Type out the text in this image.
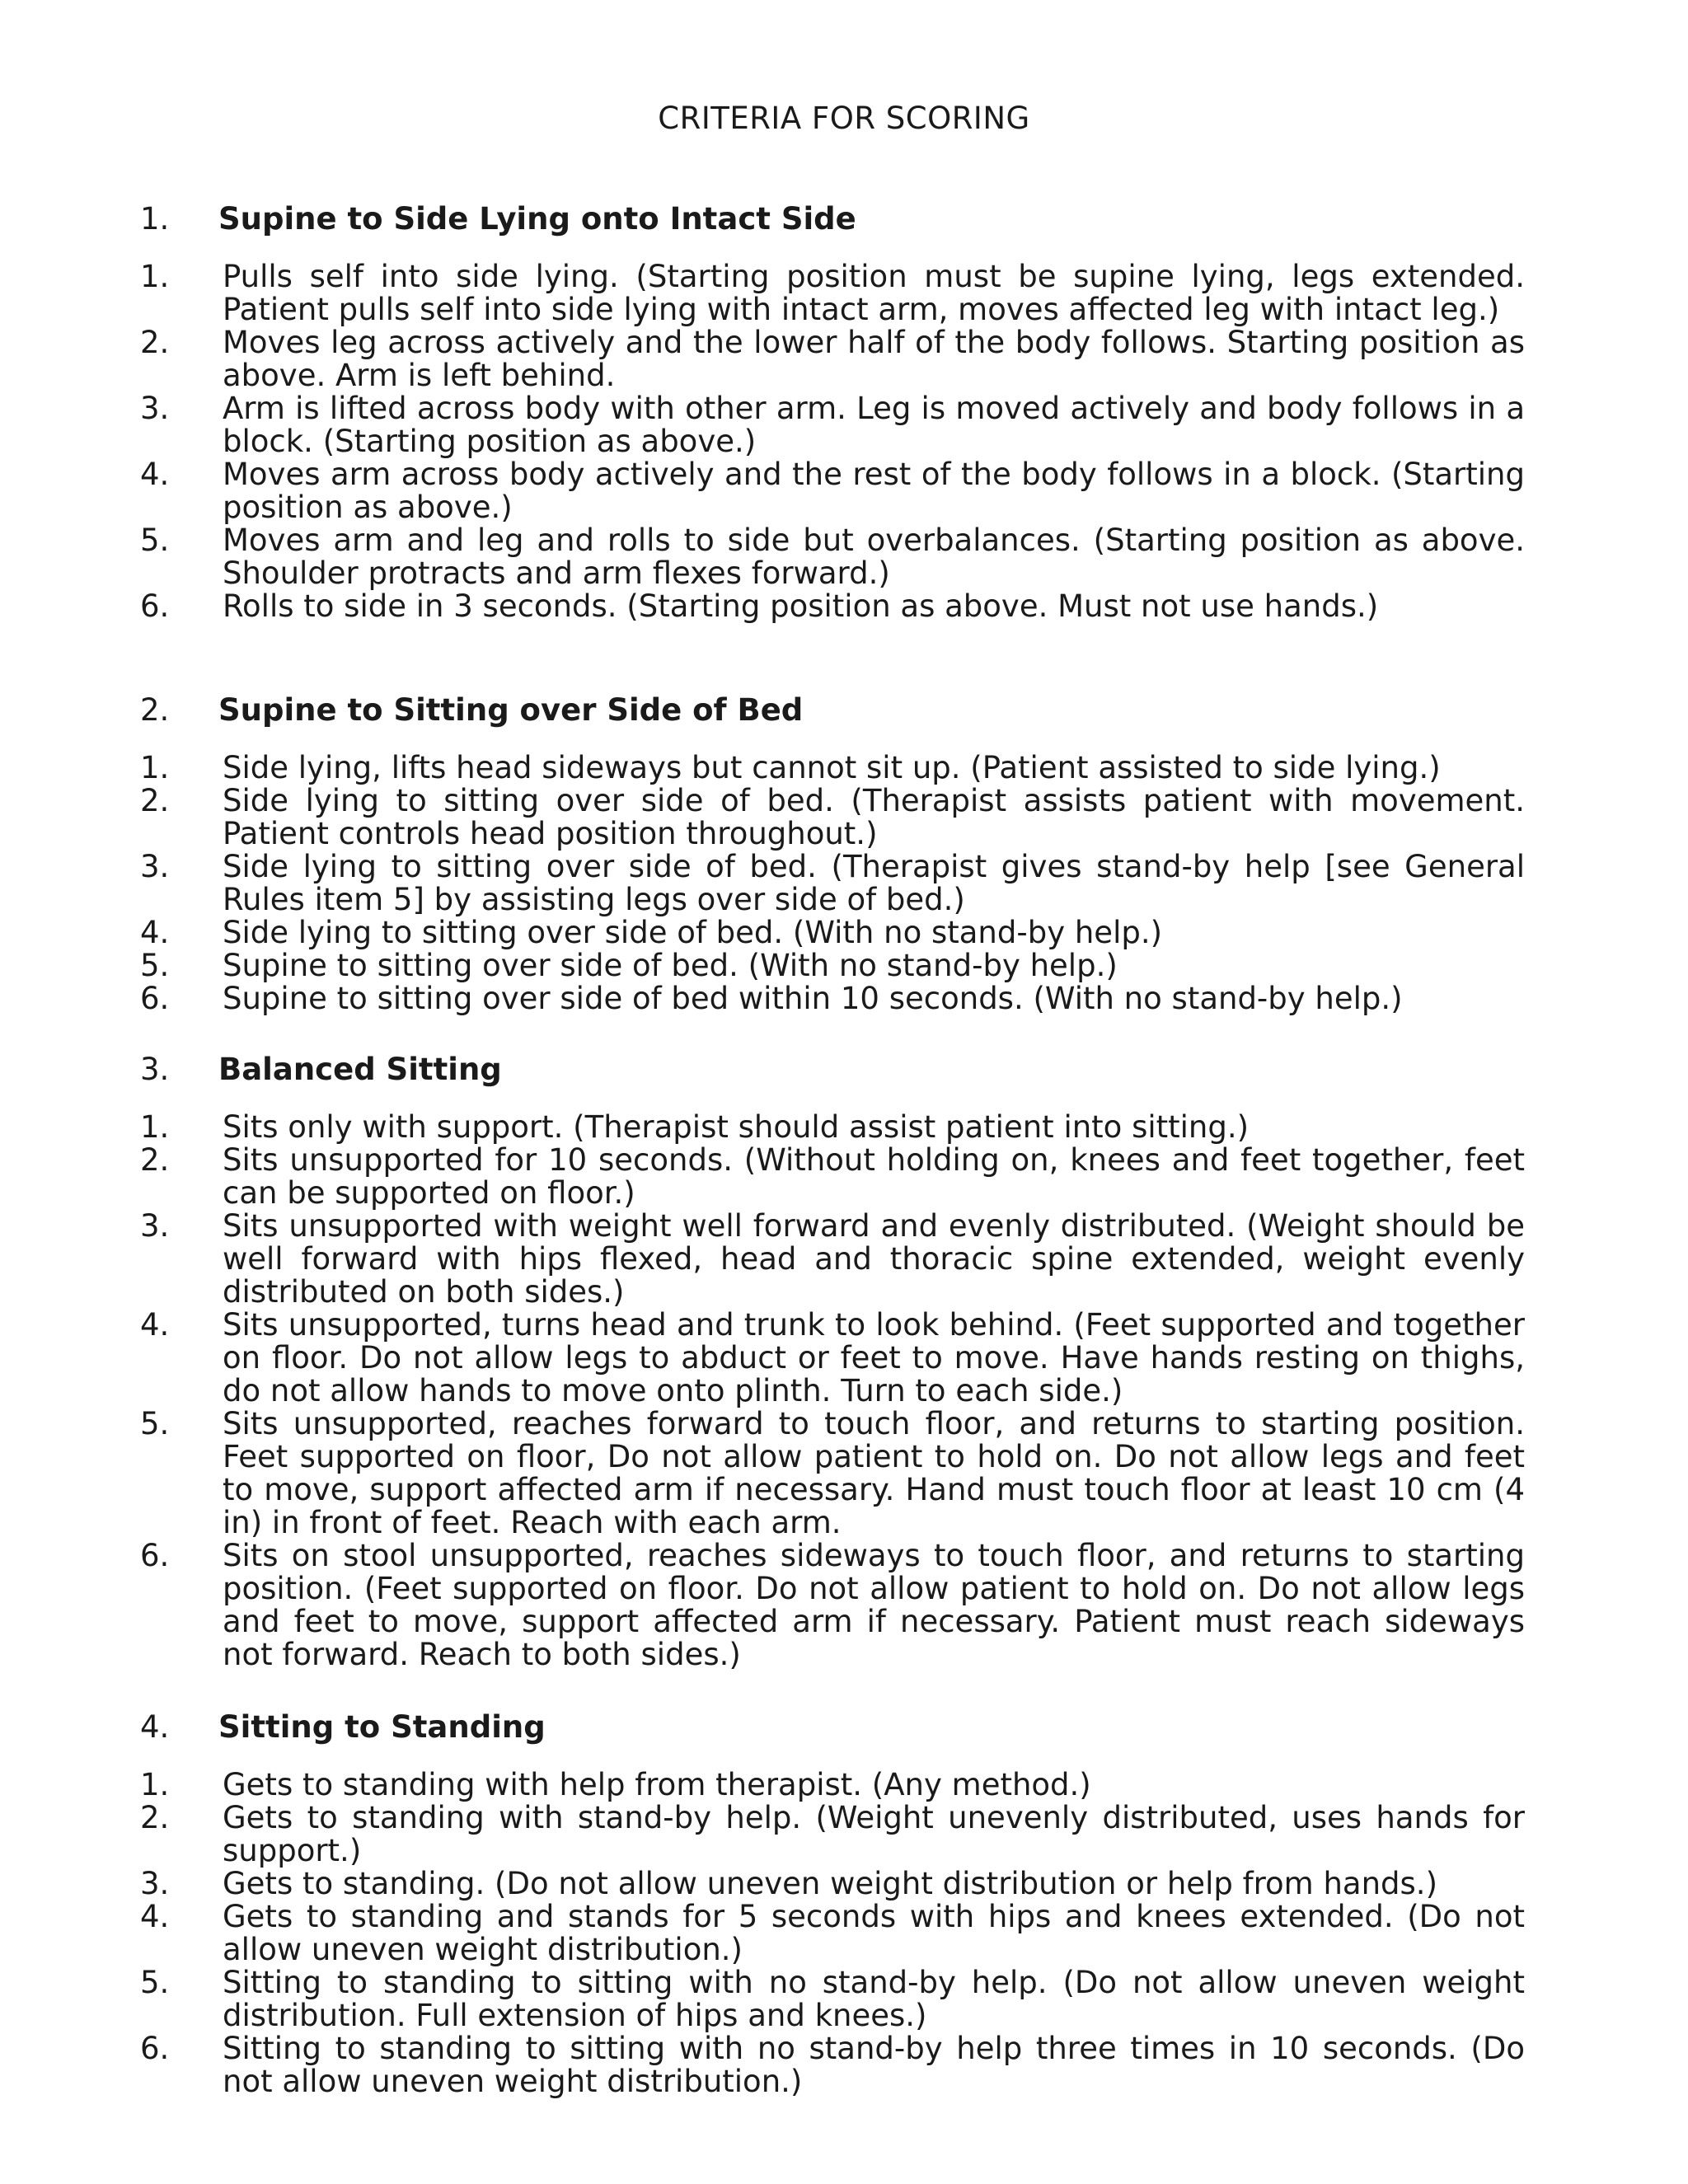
CRITERIA FOR SCORING
1. Supine to Side Lying onto Intact Side
1. Pulls self into side lying. (Starting position must be supine lying, legs extended. Patient pulls self into side lying with intact arm, moves affected leg with intact leg.)
2. Moves leg across actively and the lower half of the body follows. Starting position as above. Arm is left behind.
3. Arm is lifted across body with other arm. Leg is moved actively and body follows in a block. (Starting position as above.)
4. Moves arm across body actively and the rest of the body follows in a block. (Starting position as above.)
5. Moves arm and leg and rolls to side but overbalances. (Starting position as above. Shoulder protracts and arm flexes forward.)
6. Rolls to side in 3 seconds. (Starting position as above. Must not use hands.)
2. Supine to Sitting over Side of Bed
1. Side lying, lifts head sideways but cannot sit up. (Patient assisted to side lying.)
2. Side lying to sitting over side of bed. (Therapist assists patient with movement. Patient controls head position throughout.)
3. Side lying to sitting over side of bed. (Therapist gives stand-by help [see General Rules item 5] by assisting legs over side of bed.)
4. Side lying to sitting over side of bed. (With no stand-by help.)
5. Supine to sitting over side of bed. (With no stand-by help.)
6. Supine to sitting over side of bed within 10 seconds. (With no stand-by help.)
3. Balanced Sitting
1. Sits only with support. (Therapist should assist patient into sitting.)
2. Sits unsupported for 10 seconds. (Without holding on, knees and feet together, feet can be supported on floor.)
3. Sits unsupported with weight well forward and evenly distributed. (Weight should be well forward with hips flexed, head and thoracic spine extended, weight evenly distributed on both sides.)
4. Sits unsupported, turns head and trunk to look behind. (Feet supported and together on floor. Do not allow legs to abduct or feet to move. Have hands resting on thighs, do not allow hands to move onto plinth. Turn to each side.)
5. Sits unsupported, reaches forward to touch floor, and returns to starting position. Feet supported on floor, Do not allow patient to hold on. Do not allow legs and feet to move, support affected arm if necessary. Hand must touch floor at least 10 cm (4 in) in front of feet. Reach with each arm.
6. Sits on stool unsupported, reaches sideways to touch floor, and returns to starting position. (Feet supported on floor. Do not allow patient to hold on. Do not allow legs and feet to move, support affected arm if necessary. Patient must reach sideways not forward. Reach to both sides.)
4. Sitting to Standing
1. Gets to standing with help from therapist. (Any method.)
2. Gets to standing with stand-by help. (Weight unevenly distributed, uses hands for support.)
3. Gets to standing. (Do not allow uneven weight distribution or help from hands.)
4. Gets to standing and stands for 5 seconds with hips and knees extended. (Do not allow uneven weight distribution.)
5. Sitting to standing to sitting with no stand-by help. (Do not allow uneven weight distribution. Full extension of hips and knees.)
6. Sitting to standing to sitting with no stand-by help three times in 10 seconds. (Do not allow uneven weight distribution.)
